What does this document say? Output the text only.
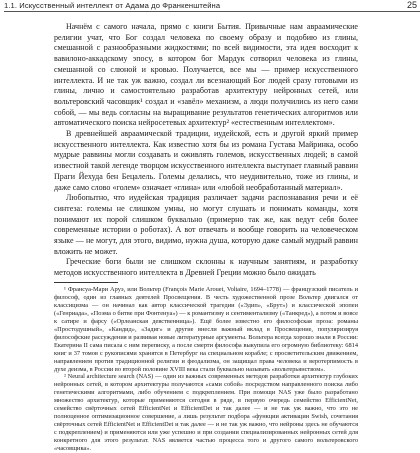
1.1. Искусственный интеллект от Адама до Франкенштейна	25

Начнём с самого начала, прямо с книги Бытия. Привычные нам авраамические религии учат, что Бог создал человека по своему образу и подобию из глины, смешанной с разнообразными жидкостями; по всей видимости, эта идея восходит к вавилоно-аккадскому эпосу, в котором бог Мардук сотворил человека из глины, смешанной со слюной и кровью. Получается, все мы — пример искусственного интеллекта. И не так уж важно, создал ли всезнающий Бог людей сразу готовыми из глины, лично и самостоятельно разработав архитектуру нейронных сетей, или вольтеровский часовщик¹ создал и «завёл» механизм, а люди получились из него сами собой, — мы ведь согласны на выращивание результатов генетических алгоритмов или автоматического поиска нейросетевых архитектур² «естественным интеллектом».

В древнейшей авраамической традиции, иудейской, есть и другой яркий пример искусственного интеллекта. Как известно хотя бы из романа Густава Майринка, особо мудрые раввины могли создавать и оживлять големов, искусственных людей; в самой известной такой легенде творцом искусственного интеллекта выступает главный раввин Праги Йехуда бен Бецалель. Големы делались, что неудивительно, тоже из глины, и даже само слово «голем» означает «глина» или «любой необработанный материал».

Любопытно, что иудейская традиция различает задачи распознавания речи и её синтеза: големы не слишком умны, но могут слушать и понимать команды, хотя понимают их порой слишком буквально (примерно так же, как ведут себя более современные истории о роботах). А вот отвечать и вообще говорить на человеческом языке — не могут, для этого, видимо, нужна душа, которую даже самый мудрый раввин вложить не может.

Греческие боги были не слишком склонны к научным занятиям, и разработку методов искусственного интеллекта в Древней Греции можно было ожидать

¹ Франсуа-Мари Аруэ, или Вольтер (François Marie Arouet, Voltaire, 1694–1778) — французский писатель и философ, один из главных деятелей Просвещения. В честь художественной прозе Вольтер двигался от классицизма — он начинал как автор классической трагедии («Эдип», «Брут») и классической эпопеи («Генриада», «Поэма о битве при Фонтенуа») — к романтизму и сентиментализму («Танкред»), а потом и вовсе к сатире и фарсу («Орлеанская девственница»). Ещё более известно его философская проза: романы «Простодушный», «Кандид», «Задиг» и другие внесли важный вклад в Просвещение, популяризируя философские рассуждения и развивая новые литературные аргументы. Вольтера всегда хорошо знали в России: Екатерина II сама писала с ним переписку, а после смерти философа выкупила его огромную библиотеку: 6814 книг и 37 томов с рукописями хранятся в Петербург на специальном корабле; с просветительским движением, направлением против традиционной религии и феодализма, он защищал права человека и веротерпимость в духе деизма, в России во второй половине XVIII века стали буквально называть «вольтерьянством».

² Neural architecture search (NAS) — один из важных современных методов разработки архитектур глубоких нейронных сетей, в котором архитектуры получаются «сами собой» посредством направленного поиска либо генетическими алгоритмами, либо обучением с подкреплением. При помощи NAS уже было разработано множество архитектур, которые применяются сегодня в ряде, в первую очередь семейство EfficientNet, семейство свёрточных сетей EfficientNet и EfficientDet и так далее — и не так уж важно, что это не полноценное оптимизационное совершение, а лишь результат подбора «функции активации Swish, сочетания свёрточных сетей EfficientNet и EfficientDet и так далее — и не так уж важно, что нейроны здесь не обучаются с подкреплением) и применяются или уже успешно и при создании специализированных нейронных сетей для конкретного для этого результат. NAS является частью процесса того и другого самого вольтеровского «часовщика».
